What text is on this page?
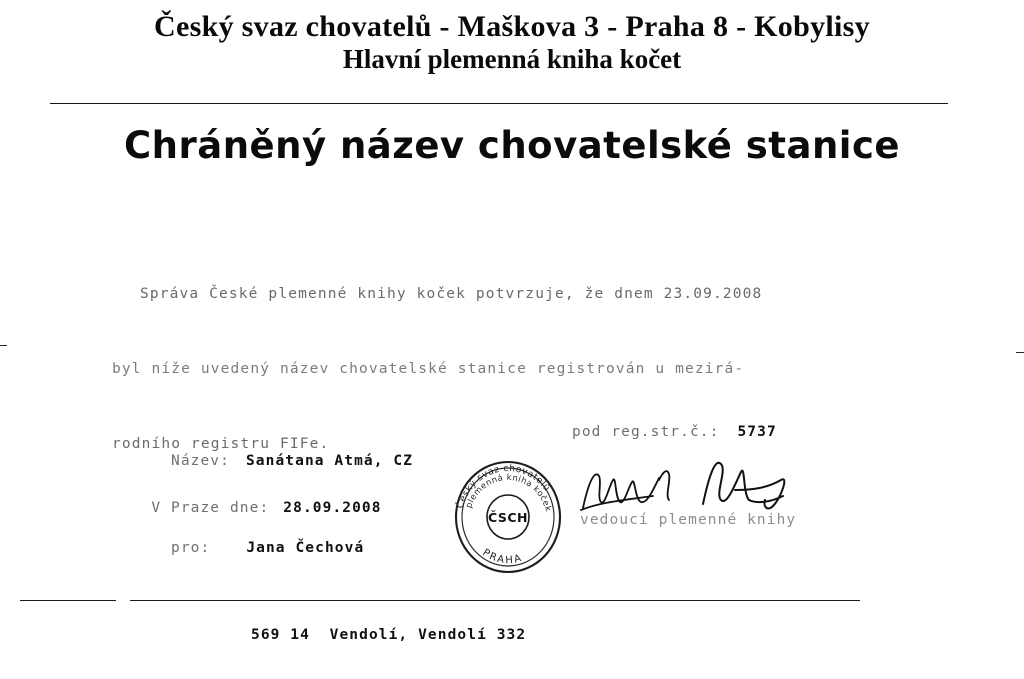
Český svaz chovatelů - Maškova 3 - Praha 8 - Kobylisy
Hlavní plemenná kniha kočet
Chráněný název chovatelské stanice

Správa České plemenné knihy koček potvrzuje, že dnem 23.09.2008

byl níže uvedený název chovatelské stanice registrován u mezirá-

rodního registru FIFe.

Název: Sanátana Atmá, CZ

pod reg.str.č.: 5737

pro: Jana Čechová

569 14  Vendolí, Vendolí 332

V Praze dne: 28.09.2008

vedoucí plemenné knihy
Český svaz chovatelů
plemenná kniha koček
PRAHA
ČSCH
